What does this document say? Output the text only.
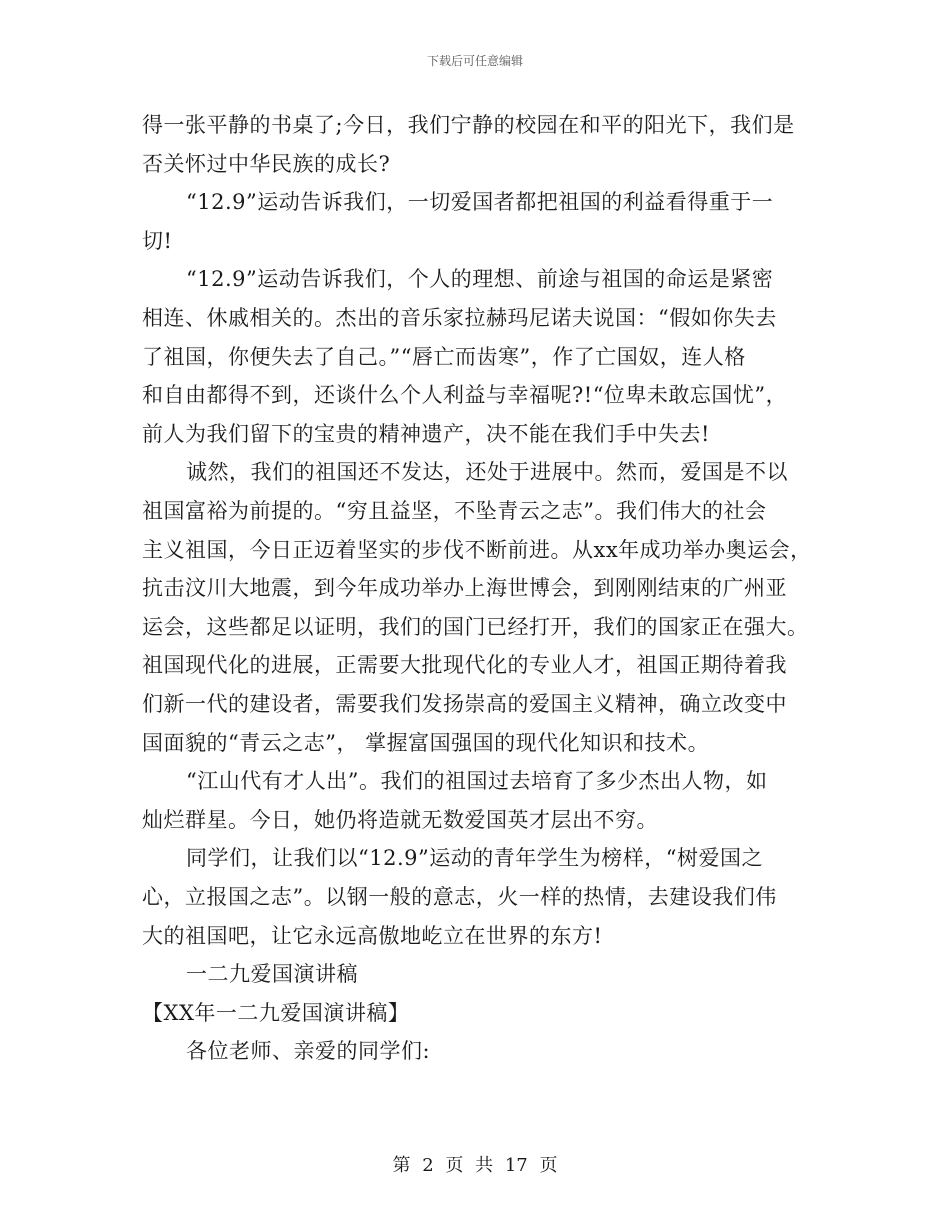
下载后可任意编辑
得一张平静的书桌了;今日，我们宁静的校园在和平的阳光下，我们是
否关怀过中华民族的成长?
“12.9”运动告诉我们，一切爱国者都把祖国的利益看得重于一
切!
“12.9”运动告诉我们，个人的理想、前途与祖国的命运是紧密
相连、休戚相关的。杰出的音乐家拉赫玛尼诺夫说国：“假如你失去
了祖国，你便失去了自己。”“唇亡而齿寒”，作了亡国奴，连人格
和自由都得不到，还谈什么个人利益与幸福呢?!“位卑未敢忘国忧”，
前人为我们留下的宝贵的精神遗产，决不能在我们手中失去!
诚然，我们的祖国还不发达，还处于进展中。然而，爱国是不以
祖国富裕为前提的。“穷且益坚，不坠青云之志”。我们伟大的社会
主义祖国，今日正迈着坚实的步伐不断前进。从xx年成功举办奥运会，
抗击汶川大地震，到今年成功举办上海世博会，到刚刚结束的广州亚
运会，这些都足以证明，我们的国门已经打开，我们的国家正在强大。
祖国现代化的进展，正需要大批现代化的专业人才，祖国正期待着我
们新一代的建设者，需要我们发扬崇高的爱国主义精神，确立改变中
国面貌的“青云之志”， 掌握富国强国的现代化知识和技术。
“江山代有才人出”。我们的祖国过去培育了多少杰出人物，如
灿烂群星。今日，她仍将造就无数爱国英才层出不穷。
同学们，让我们以“12.9”运动的青年学生为榜样，“树爱国之
心，立报国之志”。以钢一般的意志，火一样的热情，去建设我们伟
大的祖国吧，让它永远高傲地屹立在世界的东方!
一二九爱国演讲稿
【XX年一二九爱国演讲稿】
各位老师、亲爱的同学们:
第 2 页 共 17 页
